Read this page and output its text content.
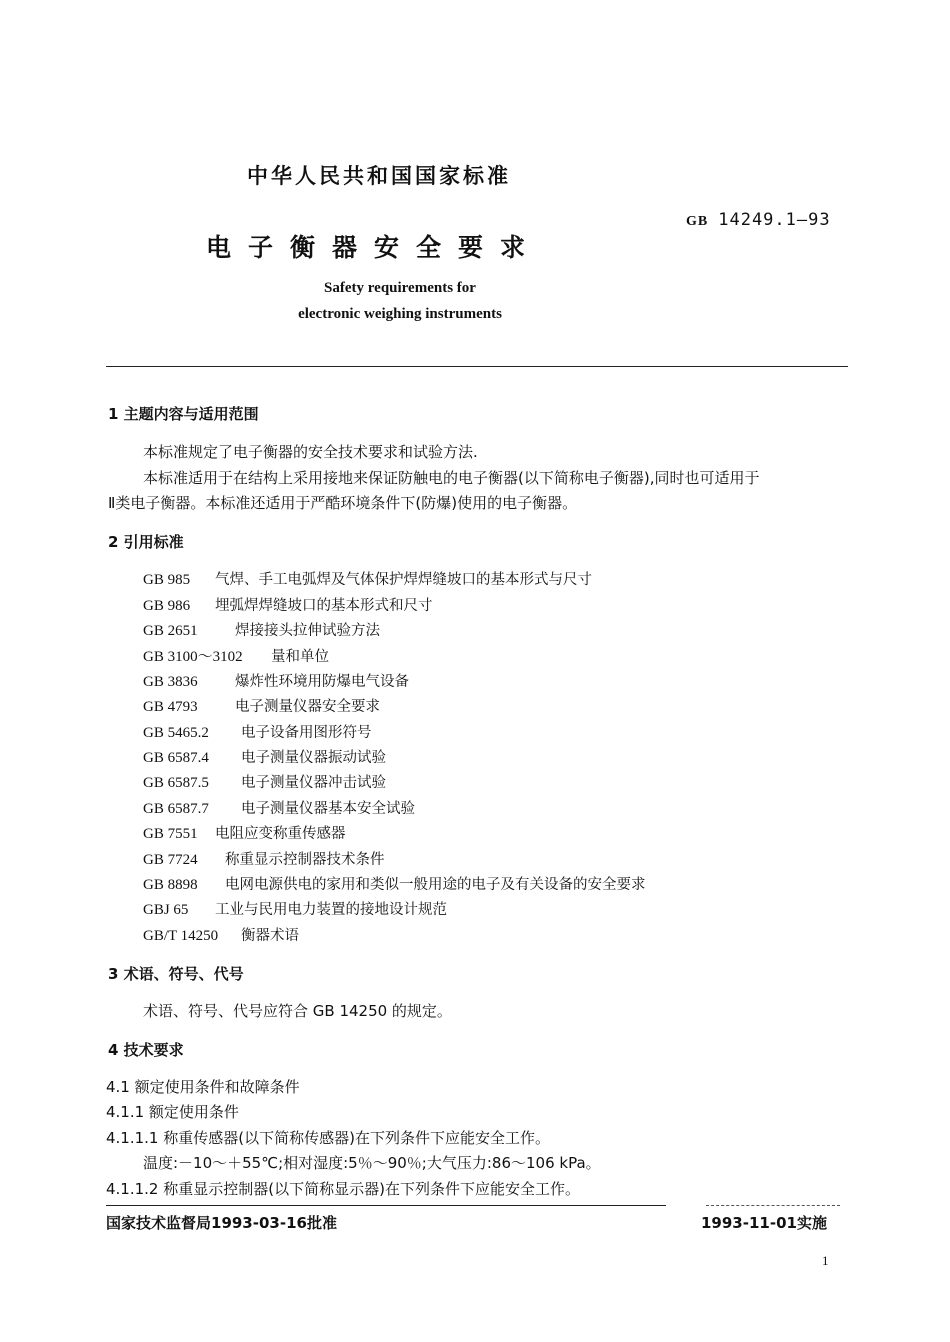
中华人民共和国国家标准
GB 14249.1—93
电子衡器安全要求
Safety requirements for
electronic weighing instruments
1 主题内容与适用范围
本标准规定了电子衡器的安全技术要求和试验方法.
本标准适用于在结构上采用接地来保证防触电的电子衡器(以下简称电子衡器),同时也可适用于
Ⅱ类电子衡器。本标准还适用于严酷环境条件下(防爆)使用的电子衡器。
2 引用标准
GB 985 气焊、手工电弧焊及气体保护焊焊缝坡口的基本形式与尺寸
GB 986 埋弧焊焊缝坡口的基本形式和尺寸
GB 2651	焊接接头拉伸试验方法
GB 3100～3102 量和单位
GB 3836	爆炸性环境用防爆电气设备
GB 4793	电子测量仪器安全要求
GB 5465.2 电子设备用图形符号
GB 6587.4 电子测量仪器振动试验
GB 6587.5 电子测量仪器冲击试验
GB 6587.7 电子测量仪器基本安全试验
GB 7551 电阻应变称重传感器
GB 7724 称重显示控制器技术条件
GB 8898 电网电源供电的家用和类似一般用途的电子及有关设备的安全要求
GBJ 65 工业与民用电力装置的接地设计规范
GB/T 14250 衡器术语
3 术语、符号、代号
术语、符号、代号应符合 GB 14250 的规定。
4 技术要求
4.1 额定使用条件和故障条件
4.1.1 额定使用条件
4.1.1.1 称重传感器(以下简称传感器)在下列条件下应能安全工作。
温度:－10～＋55℃;相对湿度:5％～90％;大气压力:86～106 kPa。
4.1.1.2 称重显示控制器(以下简称显示器)在下列条件下应能安全工作。
国家技术监督局1993-03-16批准	1993-11-01实施
1
